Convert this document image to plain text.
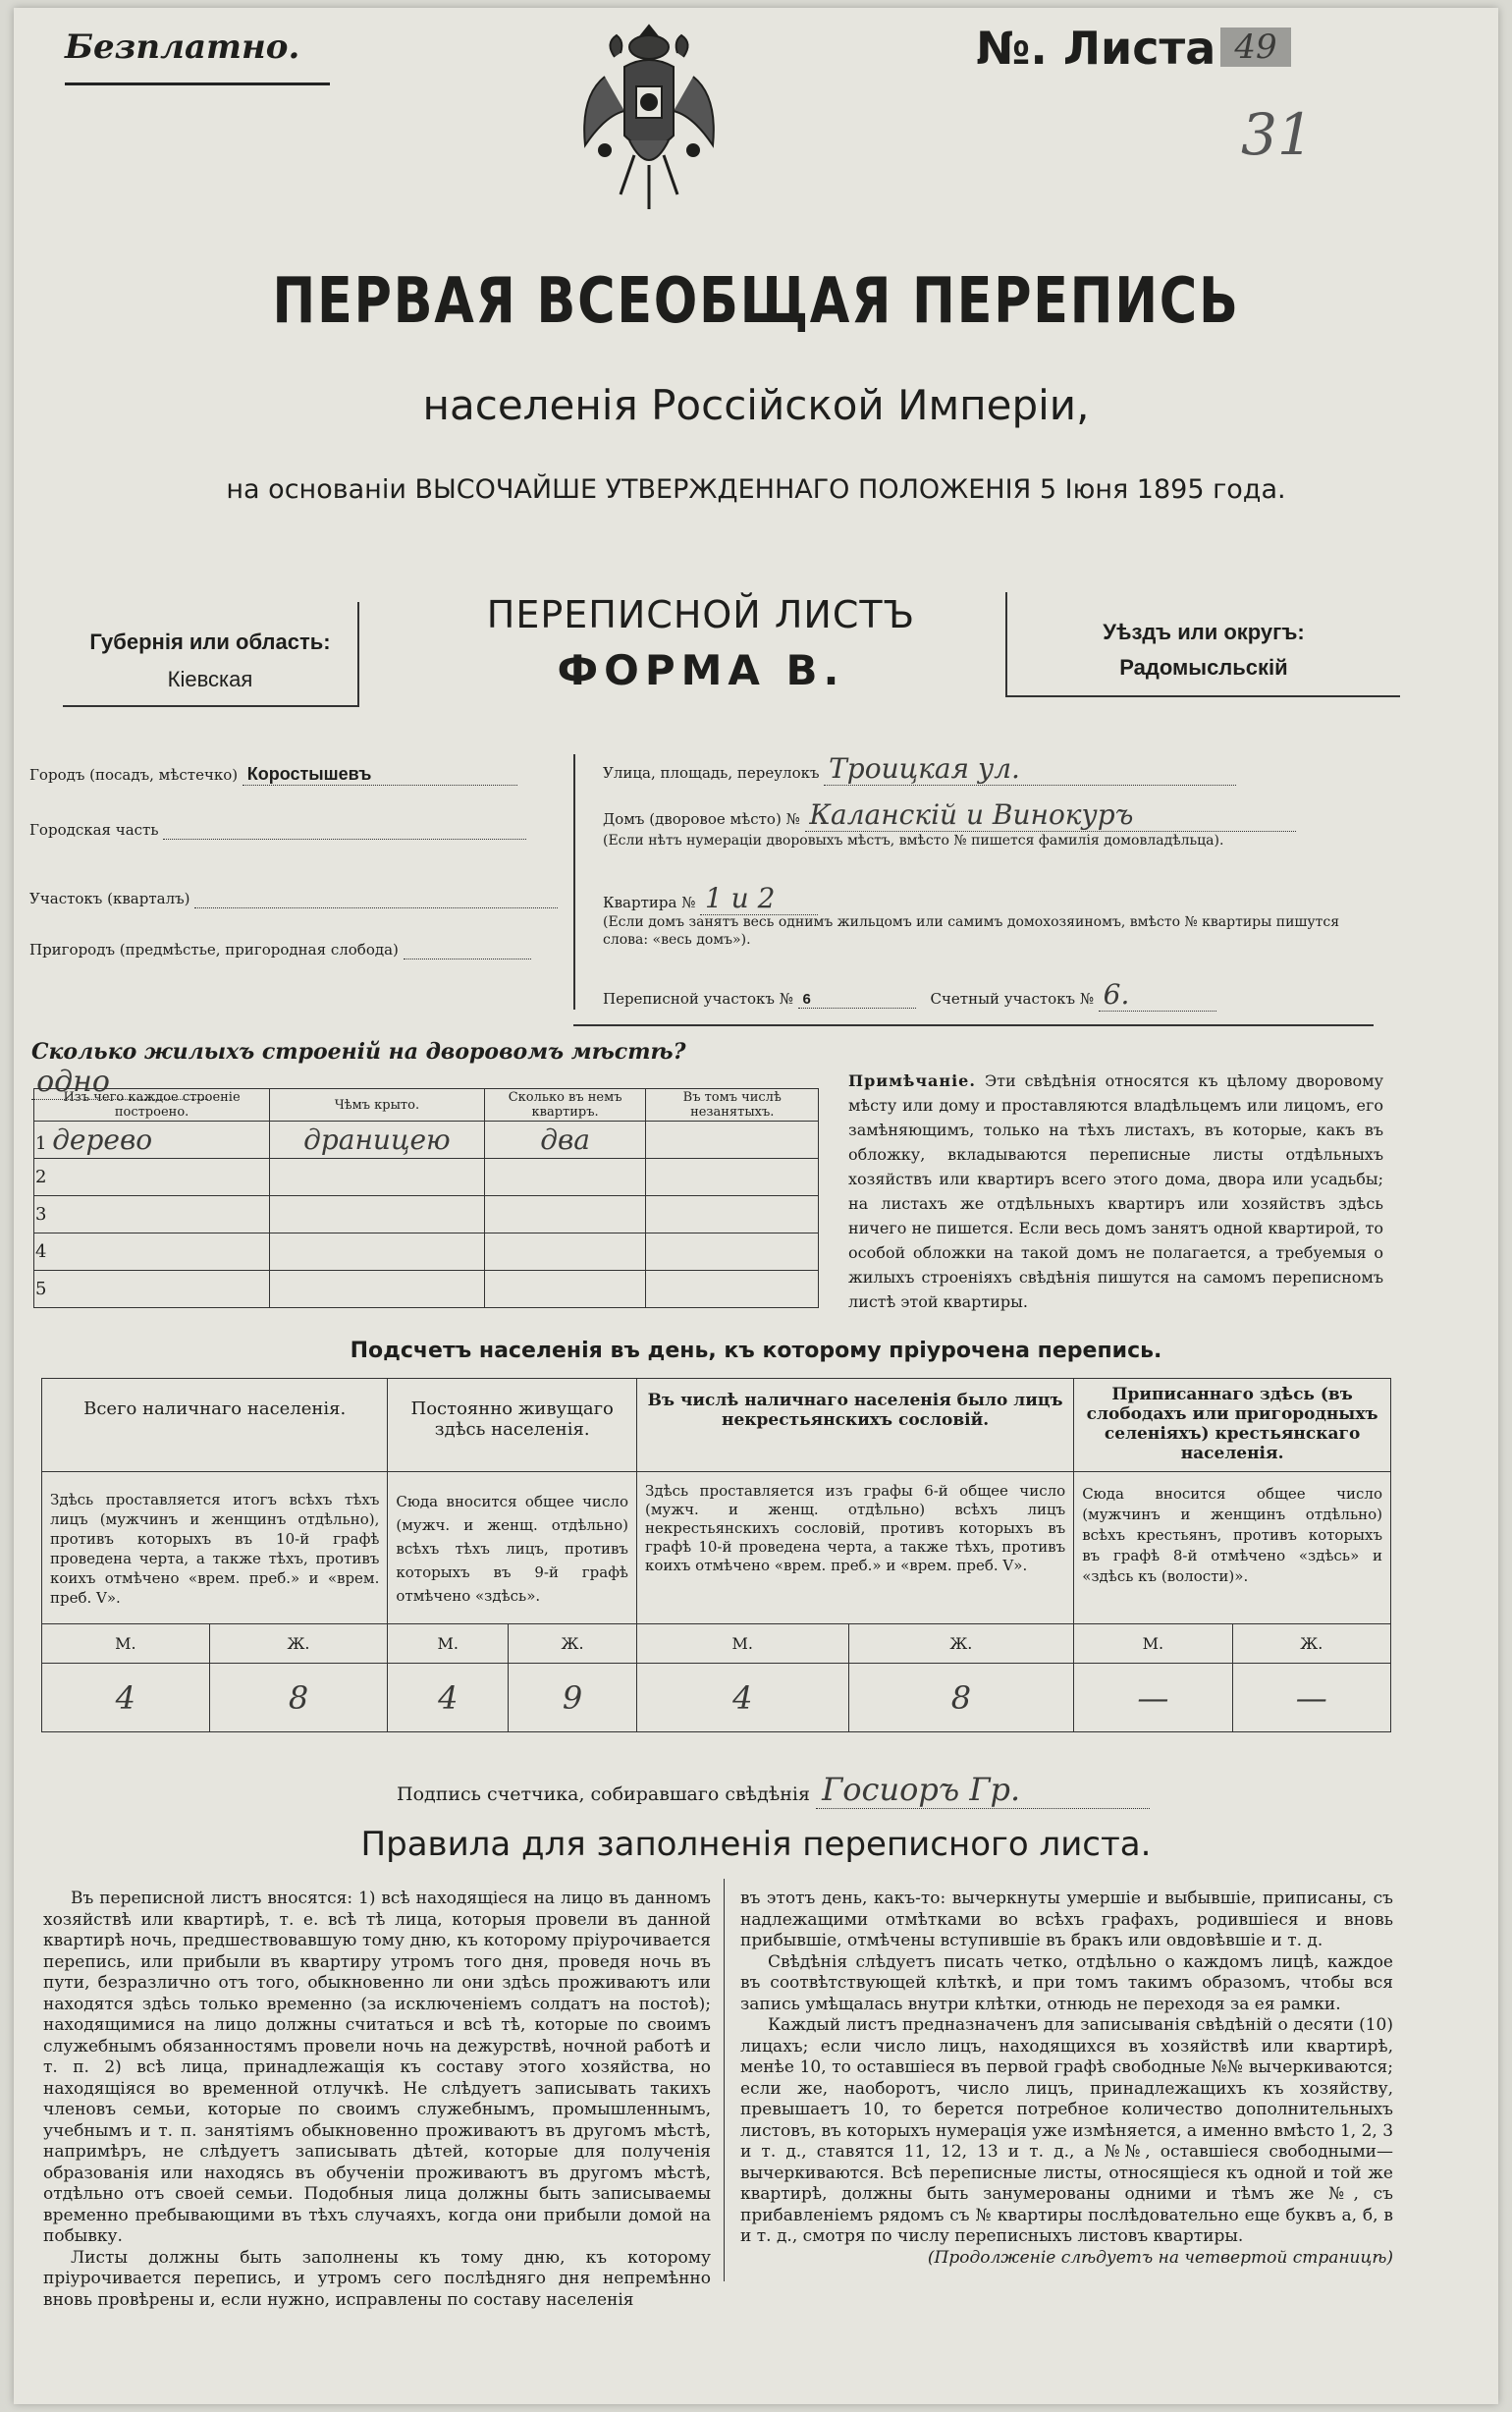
Безплатно.	№. Листа 49
31
ПЕРВАЯ ВСЕОБЩАЯ ПЕРЕПИСЬ
населенія Россійской Имперіи,
на основаніи ВЫСОЧАЙШЕ УТВЕРЖДЕННАГО ПОЛОЖЕНІЯ 5 Іюня 1895 года.
Губернія или область:
Кіевская
ПЕРЕПИСНОЙ ЛИСТЪ
ФОРМА В.
Уѣздъ или округъ:
Радомысльскій
Городъ (посадъ, мѣстечко) Коростышевъ
Городская часть
Участокъ (кварталъ)
Пригородъ (предмѣстье, пригородная слобода)
Улица, площадь, переулокъ Троицкая ул.
Домъ (дворовое мѣсто) № Каланскій и Винокуръ
(Если нѣтъ нумераціи дворовыхъ мѣстъ, вмѣсто № пишется фамилія домовладѣльца).
Квартира № 1 и 2
(Если домъ занятъ весь однимъ жильцомъ или самимъ домохозяиномъ, вмѣсто № квартиры пишутся слова: «весь домъ»).
Переписной участокъ № 6	Счетный участокъ № 6.
Сколько жилыхъ строеній на дворовомъ мѣстѣ?  одно
Изъ чего каждое строеніе построено.	Чѣмъ крыто.	Сколько въ немъ квартиръ.	Въ томъ числѣ незанятыхъ.
1 дерево	драницею	два	
2			
3			
4			
5			
Примѣчаніе. Эти свѣдѣнія относятся къ цѣлому дворовому мѣсту или дому и проставляются владѣльцемъ или лицомъ, его замѣняющимъ, только на тѣхъ листахъ, въ которые, какъ въ обложку, вкладываются переписные листы отдѣльныхъ хозяйствъ или квартиръ всего этого дома, двора или усадьбы; на листахъ же отдѣльныхъ квартиръ или хозяйствъ здѣсь ничего не пишется. Если весь домъ занятъ одной квартирой, то особой обложки на такой домъ не полагается, а требуемыя о жилыхъ строеніяхъ свѣдѣнія пишутся на самомъ переписномъ листѣ этой квартиры.
Подсчетъ населенія въ день, къ которому пріурочена перепись.
Всего наличнаго населенія.		Постоянно живущаго здѣсь населенія.		Въ числѣ наличнаго населенія было лицъ некрестьянскихъ сословій.		Приписаннаго здѣсь (въ слободахъ или пригородныхъ селеніяхъ) крестьянскаго населенія.	
Здѣсь проставляется итогъ всѣхъ тѣхъ лицъ (мужчинъ и женщинъ отдѣльно), противъ которыхъ въ 10-й графѣ проведена черта, а также тѣхъ, противъ коихъ отмѣчено «врем. преб.» и «врем. преб. V».		Сюда вносится общее число (мужч. и женщ. отдѣльно) всѣхъ тѣхъ лицъ, противъ которыхъ въ 9-й графѣ отмѣчено «здѣсь».		Здѣсь проставляется изъ графы 6-й общее число (мужч. и женщ. отдѣльно) всѣхъ лицъ некрестьянскихъ сословій, противъ которыхъ въ графѣ 10-й проведена черта, а также тѣхъ, противъ коихъ отмѣчено «врем. преб.» и «врем. преб. V».		Сюда вносится общее число (мужчинъ и женщинъ отдѣльно) всѣхъ крестьянъ, противъ которыхъ въ графѣ 8-й отмѣчено «здѣсь» и «здѣсь къ (волости)».	
М.	Ж.	М.	Ж.	М.	Ж.	М.	Ж.
4	8	4	9	4	8	—	—
Подпись счетчика, собиравшаго свѣдѣнія Госиоръ Гр.
Правила для заполненія переписного листа.

Въ переписной листъ вносятся: 1) всѣ находящіеся на лицо въ данномъ хозяйствѣ или квартирѣ, т. е. всѣ тѣ лица, которыя провели въ данной квартирѣ ночь, предшествовавшую тому дню, къ которому пріурочивается перепись, или прибыли въ квартиру утромъ того дня, проведя ночь въ пути, безразлично отъ того, обыкновенно ли они здѣсь проживаютъ или находятся здѣсь только временно (за исключеніемъ солдатъ на постоѣ); находящимися на лицо должны считаться и всѣ тѣ, которые по своимъ служебнымъ обязанностямъ провели ночь на дежурствѣ, ночной работѣ и т. п. 2) всѣ лица, принадлежащія къ составу этого хозяйства, но находящіяся во временной отлучкѣ. Не слѣдуетъ записывать такихъ членовъ семьи, которые по своимъ служебнымъ, промышленнымъ, учебнымъ и т. п. занятіямъ обыкновенно проживаютъ въ другомъ мѣстѣ, напримѣръ, не слѣдуетъ записывать дѣтей, которые для полученія образованія или находясь въ обученіи проживаютъ въ другомъ мѣстѣ, отдѣльно отъ своей семьи. Подобныя лица должны быть записываемы временно пребывающими въ тѣхъ случаяхъ, когда они прибыли домой на побывку.

Листы должны быть заполнены къ тому дню, къ которому пріурочивается перепись, и утромъ сего послѣдняго дня непремѣнно вновь провѣрены и, если нужно, исправлены по составу населенія

въ этотъ день, какъ-то: вычеркнуты умершіе и выбывшіе, приписаны, съ надлежащими отмѣтками во всѣхъ графахъ, родившіеся и вновь прибывшіе, отмѣчены вступившіе въ бракъ или овдовѣвшіе и т. д.

Свѣдѣнія слѣдуетъ писать четко, отдѣльно о каждомъ лицѣ, каждое въ соотвѣтствующей клѣткѣ, и при томъ такимъ образомъ, чтобы вся запись умѣщалась внутри клѣтки, отнюдь не переходя за ея рамки.

Каждый листъ предназначенъ для записыванія свѣдѣній о десяти (10) лицахъ; если число лицъ, находящихся въ хозяйствѣ или квартирѣ, менѣе 10, то оставшіеся въ первой графѣ свободные №№ вычеркиваются; если же, наоборотъ, число лицъ, принадлежащихъ къ хозяйству, превышаетъ 10, то берется потребное количество дополнительныхъ листовъ, въ которыхъ нумерація уже измѣняется, а именно вмѣсто 1, 2, 3 и т. д., ставятся 11, 12, 13 и т. д., а №№, оставшіеся свободными—вычеркиваются. Всѣ переписные листы, относящіеся къ одной и той же квартирѣ, должны быть занумерованы одними и тѣмъ же №, съ прибавленіемъ рядомъ съ № квартиры послѣдовательно еще буквъ а, б, в и т. д., смотря по числу переписныхъ листовъ квартиры.

(Продолженіе слѣдуетъ на четвертой страницѣ)
